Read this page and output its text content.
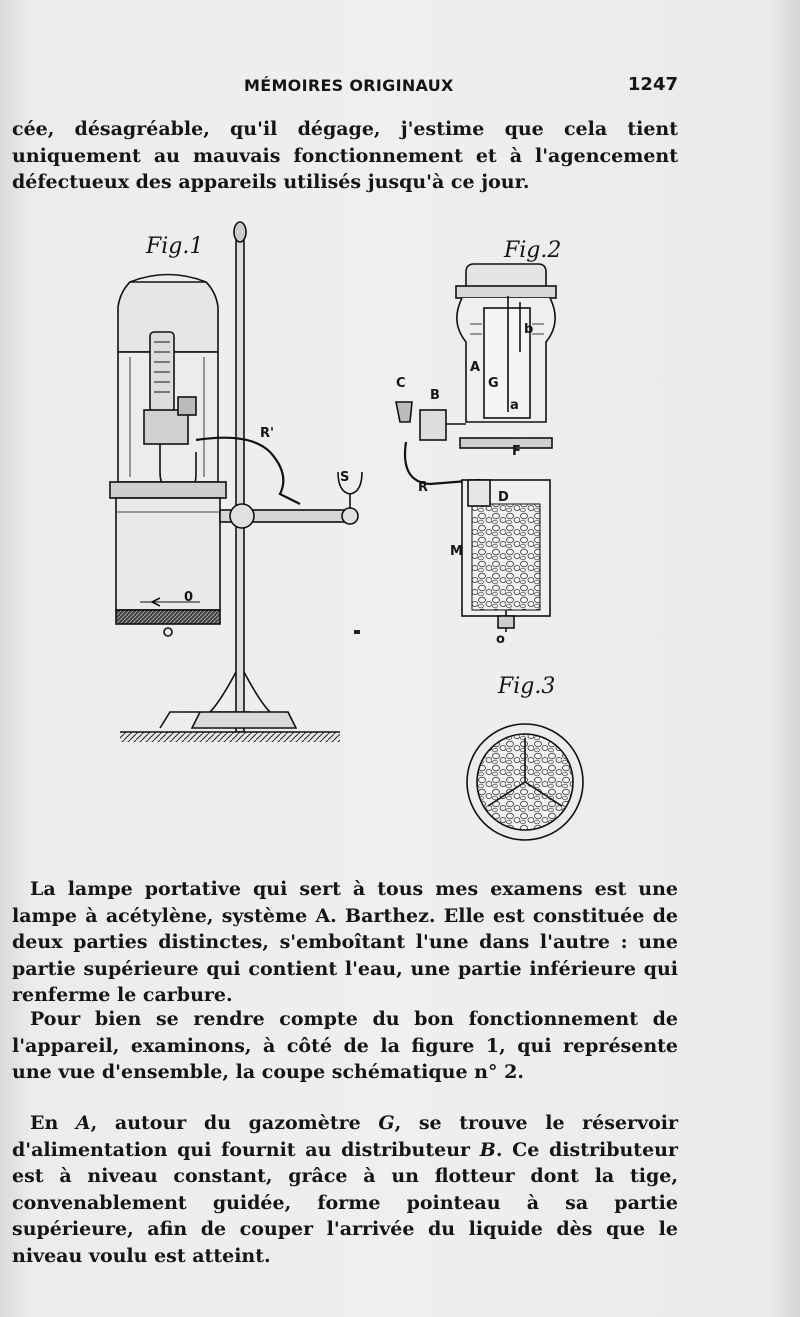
MÉMOIRES ORIGINAUX	1247

cée, désagréable, qu'il dégage, j'estime que cela tient uniquement au mauvais fonctionnement et à l'agencement défectueux des appareils utilisés jusqu'à ce jour.

Fig.1	Fig.2
Fig.3
R'
S
0
C
B
A
G
a
b
F
R
D
M
o

La lampe portative qui sert à tous mes examens est une lampe à acétylène, système A. Barthez. Elle est constituée de deux parties distinctes, s'emboîtant l'une dans l'autre : une partie supérieure qui contient l'eau, une partie inférieure qui renferme le carbure.

Pour bien se rendre compte du bon fonctionnement de l'appareil, examinons, à côté de la figure 1, qui représente une vue d'ensemble, la coupe schématique n° 2.

En A, autour du gazomètre G, se trouve le réservoir d'alimentation qui fournit au distributeur B. Ce distributeur est à niveau constant, grâce à un flotteur dont la tige, convenablement guidée, forme pointeau à sa partie supérieure, afin de couper l'arrivée du liquide dès que le niveau voulu est atteint.
